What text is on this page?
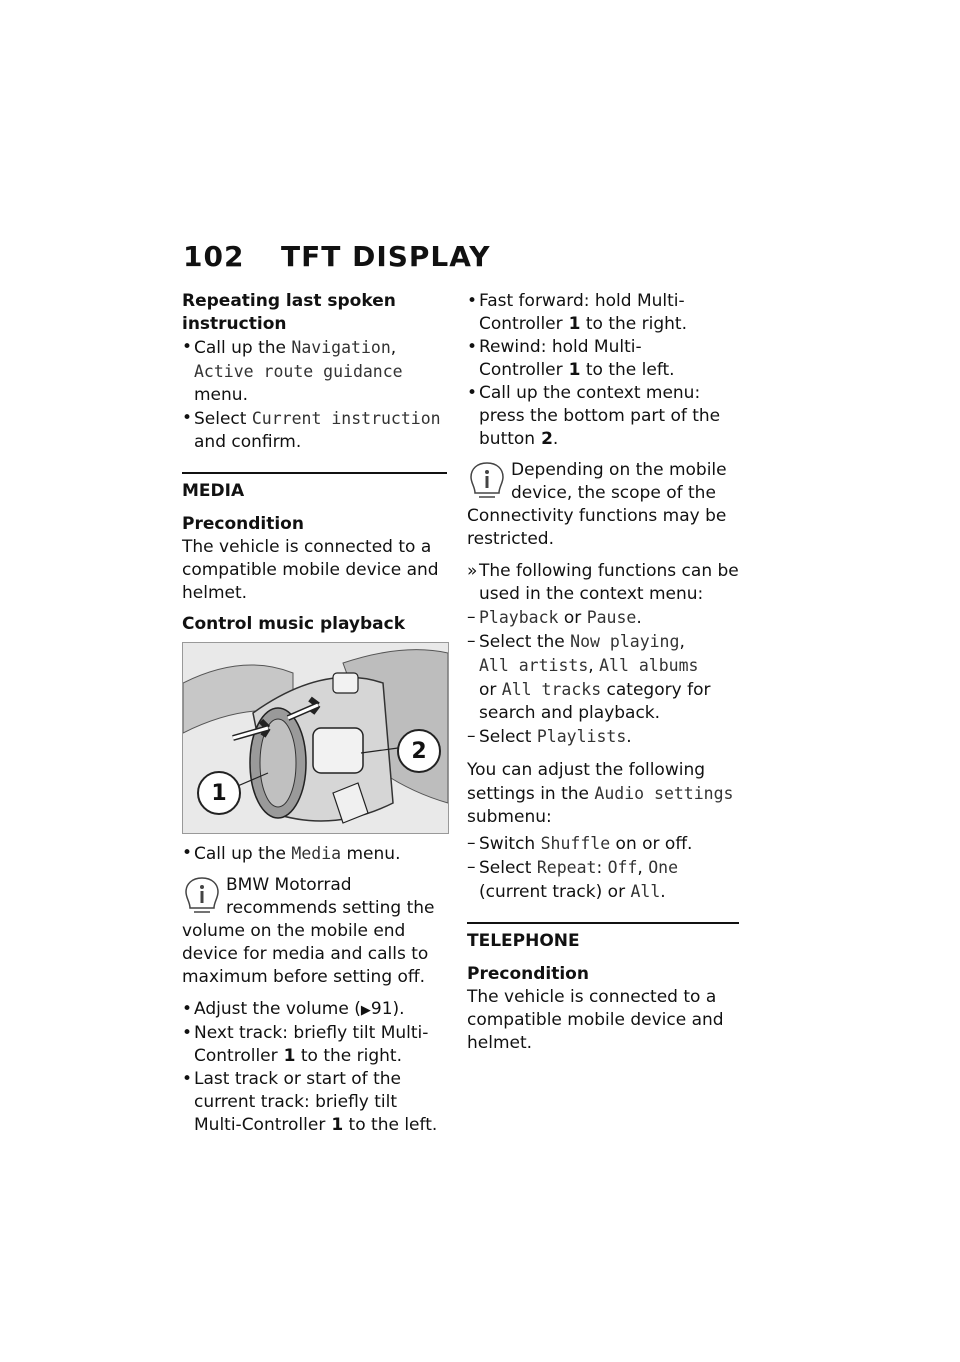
102	TFT DISPLAY
Repeating last spoken instruction
• Call up the Navigation,
Active route guidance
menu.
• Select Current instruction and confirm.
MEDIA
Precondition

The vehicle is connected to a compatible mobile device and helmet.

Control music playback
1
2
• Call up the Media menu.

BMW Motorrad recommends setting the volume on the mobile end device for media and calls to maximum before setting off.

• Adjust the volume (▶91).
• Next track: briefly tilt Multi-Controller 1 to the right.
• Last track or start of the current track: briefly tilt Multi-Controller 1 to the left.
• Fast forward: hold Multi-Controller 1 to the right.
• Rewind: hold Multi-Controller 1 to the left.
• Call up the context menu: press the bottom part of the button 2.

Depending on the mobile device, the scope of the Connectivity functions may be restricted.

» The following functions can be used in the context menu:
– Playback or Pause.
– Select the Now playing,
All artists, All albums
or All tracks category for search and playback.
– Select Playlists.

You can adjust the following settings in the Audio settings submenu:

– Switch Shuffle on or off.
– Select Repeat: Off, One (current track) or All.
TELEPHONE
Precondition

The vehicle is connected to a compatible mobile device and helmet.
